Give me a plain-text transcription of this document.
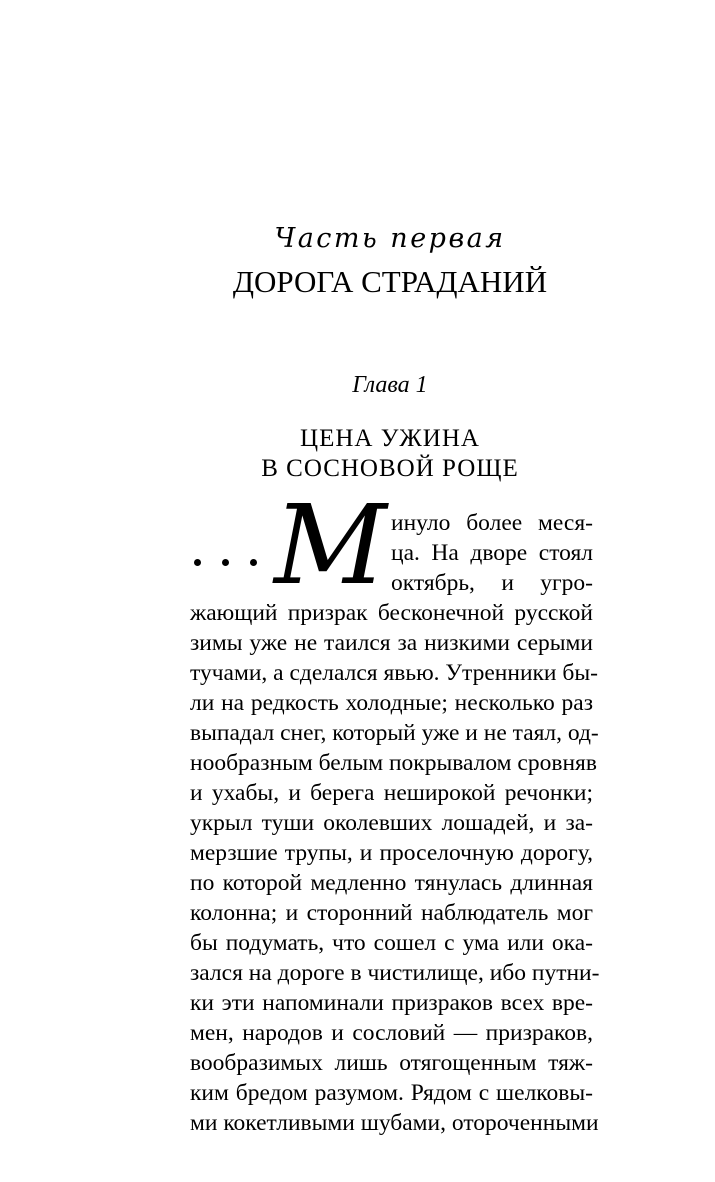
Часть первая
ДОРОГА СТРАДАНИЙ
Глава 1
ЦЕНА УЖИНА
В СОСНОВОЙ РОЩЕ
М инуло более меся-
ца. На дворе стоял
октябрь, и угро-
жающий призрак бесконечной русской
зимы уже не таился за низкими серыми
тучами, а сделался явью. Утренники бы-
ли на редкость холодные; несколько раз
выпадал снег, который уже и не таял, од-
нообразным белым покрывалом сровняв
и ухабы, и берега неширокой речонки;
укрыл туши околевших лошадей, и за-
мерзшие трупы, и проселочную дорогу,
по которой медленно тянулась длинная
колонна; и сторонний наблюдатель мог
бы подумать, что сошел с ума или ока-
зался на дороге в чистилище, ибо путни-
ки эти напоминали призраков всех вре-
мен, народов и сословий — призраков,
вообразимых лишь отягощенным тяж-
ким бредом разумом. Рядом с шелковы-
ми кокетливыми шубами, отороченными
